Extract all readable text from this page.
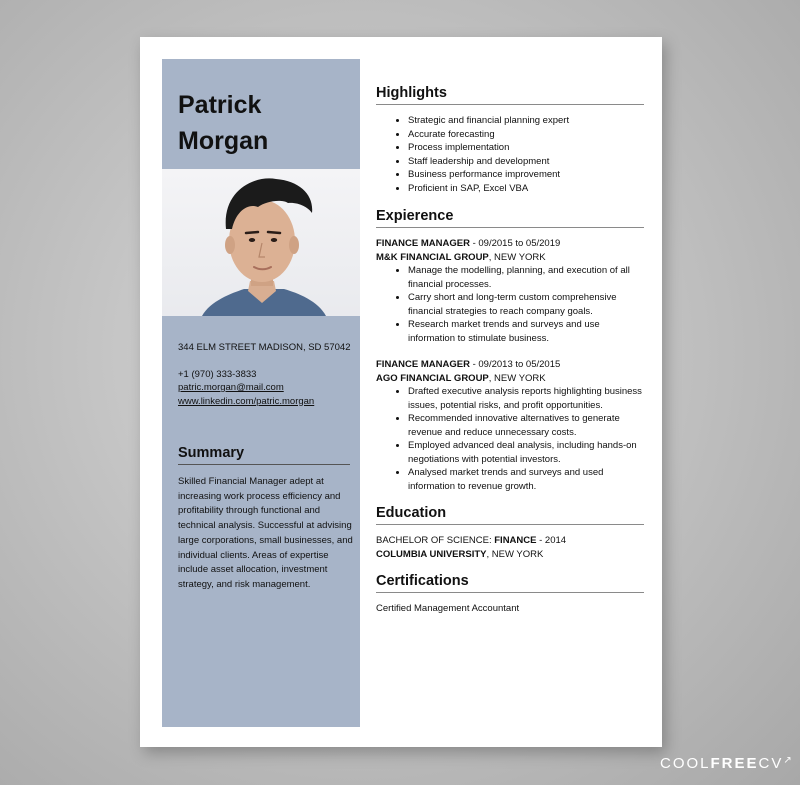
Patrick
Morgan
344 ELM STREET MADISON, SD 57042
+1 (970) 333-3833
patric.morgan@mail.com
www.linkedin.com/patric.morgan
Summary

Skilled Financial Manager adept at increasing work process efficiency and profitability through functional and technical analysis. Successful at advising large corporations, small businesses, and individual clients. Areas of expertise include asset allocation, investment strategy, and risk management.

Highlights
• Strategic and financial planning expert
• Accurate forecasting
• Process implementation
• Staff leadership and development
• Business performance improvement
• Proficient in SAP, Excel VBA
Expierence
FINANCE MANAGER - 09/2015 to 05/2019
M&K FINANCIAL GROUP, NEW YORK
• Manage the modelling, planning, and execution of all financial processes.
• Carry short and long-term custom comprehensive financial strategies to reach company goals.
• Research market trends and surveys and use information to stimulate business.
FINANCE MANAGER - 09/2013 to 05/2015
AGO FINANCIAL GROUP, NEW YORK
• Drafted executive analysis reports highlighting business issues, potential risks, and profit opportunities.
• Recommended innovative alternatives to generate revenue and reduce unnecessary costs.
• Employed advanced deal analysis, including hands-on negotiations with potential investors.
• Analysed market trends and surveys and used information to revenue growth.
Education
BACHELOR OF SCIENCE: FINANCE - 2014
COLUMBIA UNIVERSITY, NEW YORK
Certifications
Certified Management Accountant
COOLFREECV↗
